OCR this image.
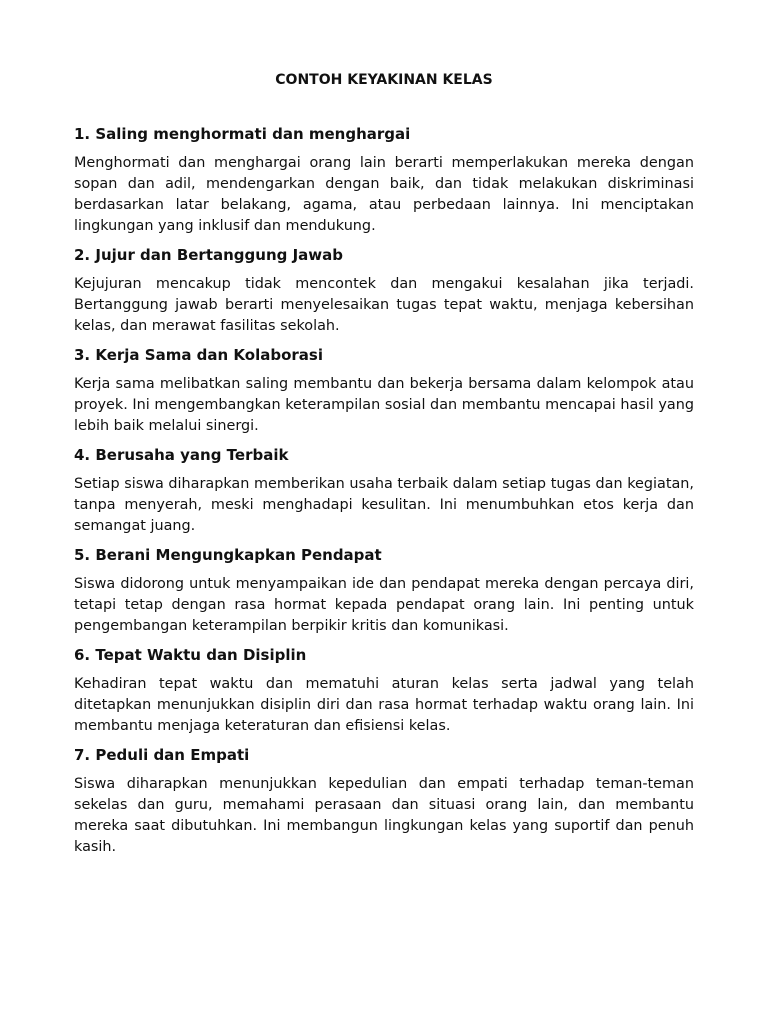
CONTOH KEYAKINAN KELAS
1. Saling menghormati dan menghargai
Menghormati dan menghargai orang lain berarti memperlakukan mereka dengan sopan dan adil, mendengarkan dengan baik, dan tidak melakukan diskriminasi berdasarkan latar belakang, agama, atau perbedaan lainnya. Ini menciptakan lingkungan yang inklusif dan mendukung.
2. Jujur dan Bertanggung Jawab
Kejujuran mencakup tidak mencontek dan mengakui kesalahan jika terjadi. Bertanggung jawab berarti menyelesaikan tugas tepat waktu, menjaga kebersihan kelas, dan merawat fasilitas sekolah.
3. Kerja Sama dan Kolaborasi
Kerja sama melibatkan saling membantu dan bekerja bersama dalam kelompok atau proyek. Ini mengembangkan keterampilan sosial dan membantu mencapai hasil yang lebih baik melalui sinergi.
4. Berusaha yang Terbaik
Setiap siswa diharapkan memberikan usaha terbaik dalam setiap tugas dan kegiatan, tanpa menyerah, meski menghadapi kesulitan. Ini menumbuhkan etos kerja dan semangat juang.
5. Berani Mengungkapkan Pendapat
Siswa didorong untuk menyampaikan ide dan pendapat mereka dengan percaya diri, tetapi tetap dengan rasa hormat kepada pendapat orang lain. Ini penting untuk pengembangan keterampilan berpikir kritis dan komunikasi.
6. Tepat Waktu dan Disiplin
Kehadiran tepat waktu dan mematuhi aturan kelas serta jadwal yang telah ditetapkan menunjukkan disiplin diri dan rasa hormat terhadap waktu orang lain. Ini membantu menjaga keteraturan dan efisiensi kelas.
7. Peduli dan Empati
Siswa diharapkan menunjukkan kepedulian dan empati terhadap teman-teman sekelas dan guru, memahami perasaan dan situasi orang lain, dan membantu mereka saat dibutuhkan. Ini membangun lingkungan kelas yang suportif dan penuh kasih.
